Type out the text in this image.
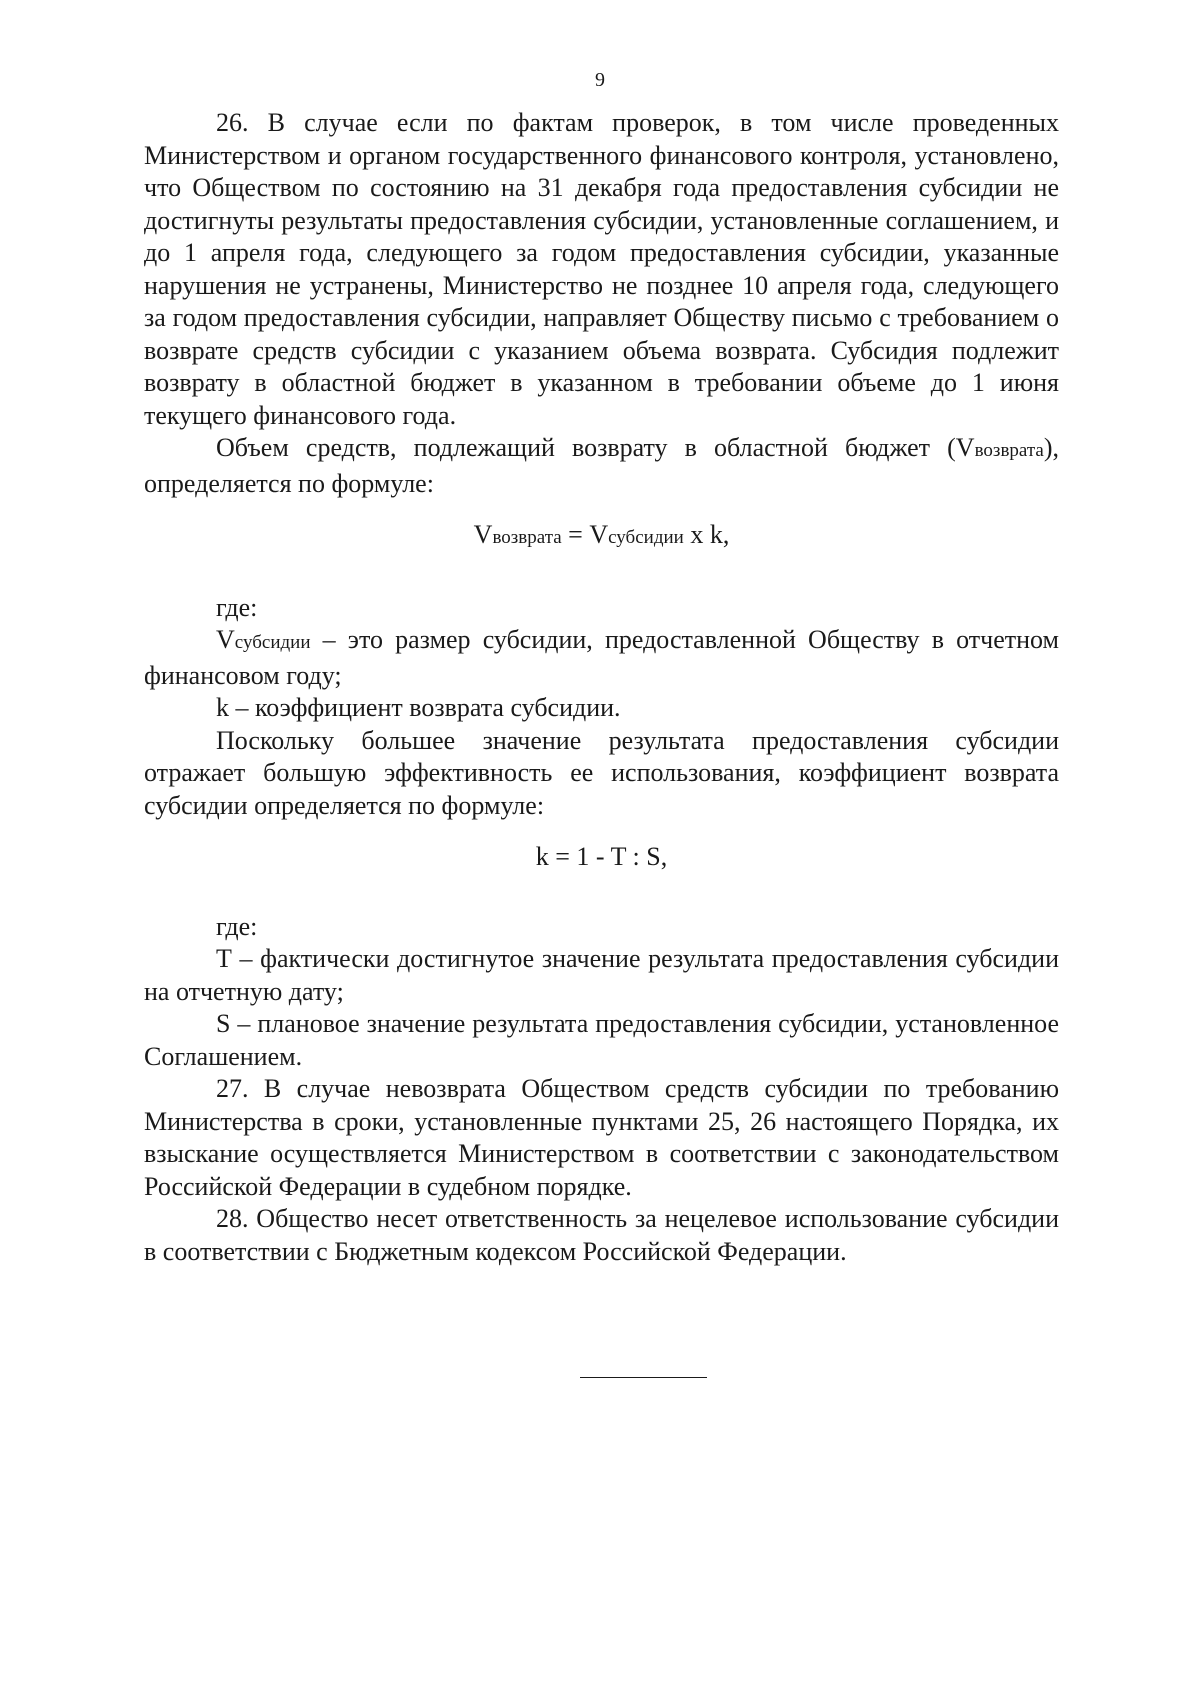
9

26. В случае если по фактам проверок, в том числе проведенных Министерством и органом государственного финансового контроля, установлено, что Обществом по состоянию на 31 декабря года предоставления субсидии не достигнуты результаты предоставления субсидии, установленные соглашением, и до 1 апреля года, следующего за годом предоставления субсидии, указанные нарушения не устранены, Министерство не позднее 10 апреля года, следующего за годом предоставления субсидии, направляет Обществу письмо с требованием о возврате средств субсидии с указанием объема возврата. Субсидия подлежит возврату в областной бюджет в указанном в требовании объеме до 1 июня текущего финансового года.

Объем средств, подлежащий возврату в областной бюджет (Vвозврата), определяется по формуле:

Vвозврата = Vсубсидии x k,

где:

Vсубсидии – это размер субсидии, предоставленной Обществу в отчетном финансовом году;

k – коэффициент возврата субсидии.

Поскольку большее значение результата предоставления субсидии отражает большую эффективность ее использования, коэффициент возврата субсидии определяется по формуле:

k = 1 - T : S,

где:

Т – фактически достигнутое значение результата предоставления субсидии на отчетную дату;

S – плановое значение результата предоставления субсидии, установленное Соглашением.

27. В случае невозврата Обществом средств субсидии по требованию Министерства в сроки, установленные пунктами 25, 26 настоящего Порядка, их взыскание осуществляется Министерством в соответствии с законодательством Российской Федерации в судебном порядке.

28. Общество несет ответственность за нецелевое использование субсидии в соответствии с Бюджетным кодексом Российской Федерации.
